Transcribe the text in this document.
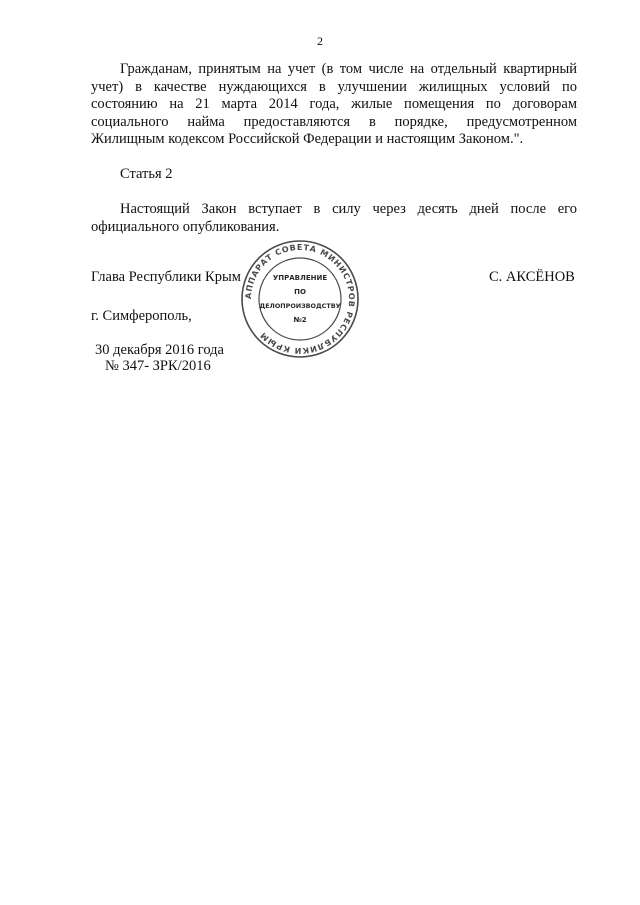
2

Гражданам, принятым на учет (в том числе на отдельный квартирный учет) в качестве нуждающихся в улучшении жилищных условий по состоянию на 21 марта 2014 года, жилые помещения по договорам социального найма предоставляются в порядке, предусмотренном Жилищным кодексом Российской Федерации и настоящим Законом.".

Статья 2

Настоящий Закон вступает в силу через десять дней после его официального опубликования.

Глава Республики Крым	С. АКСЁНОВ
г. Симферополь,
30 декабря 2016 года
№ 347- ЗРК/2016
АППАРАТ СОВЕТА МИНИСТРОВ РЕСПУБЛИКИ КРЫМ
УПРАВЛЕНИЕ
ПО
ДЕЛОПРОИЗВОДСТВУ
№2
